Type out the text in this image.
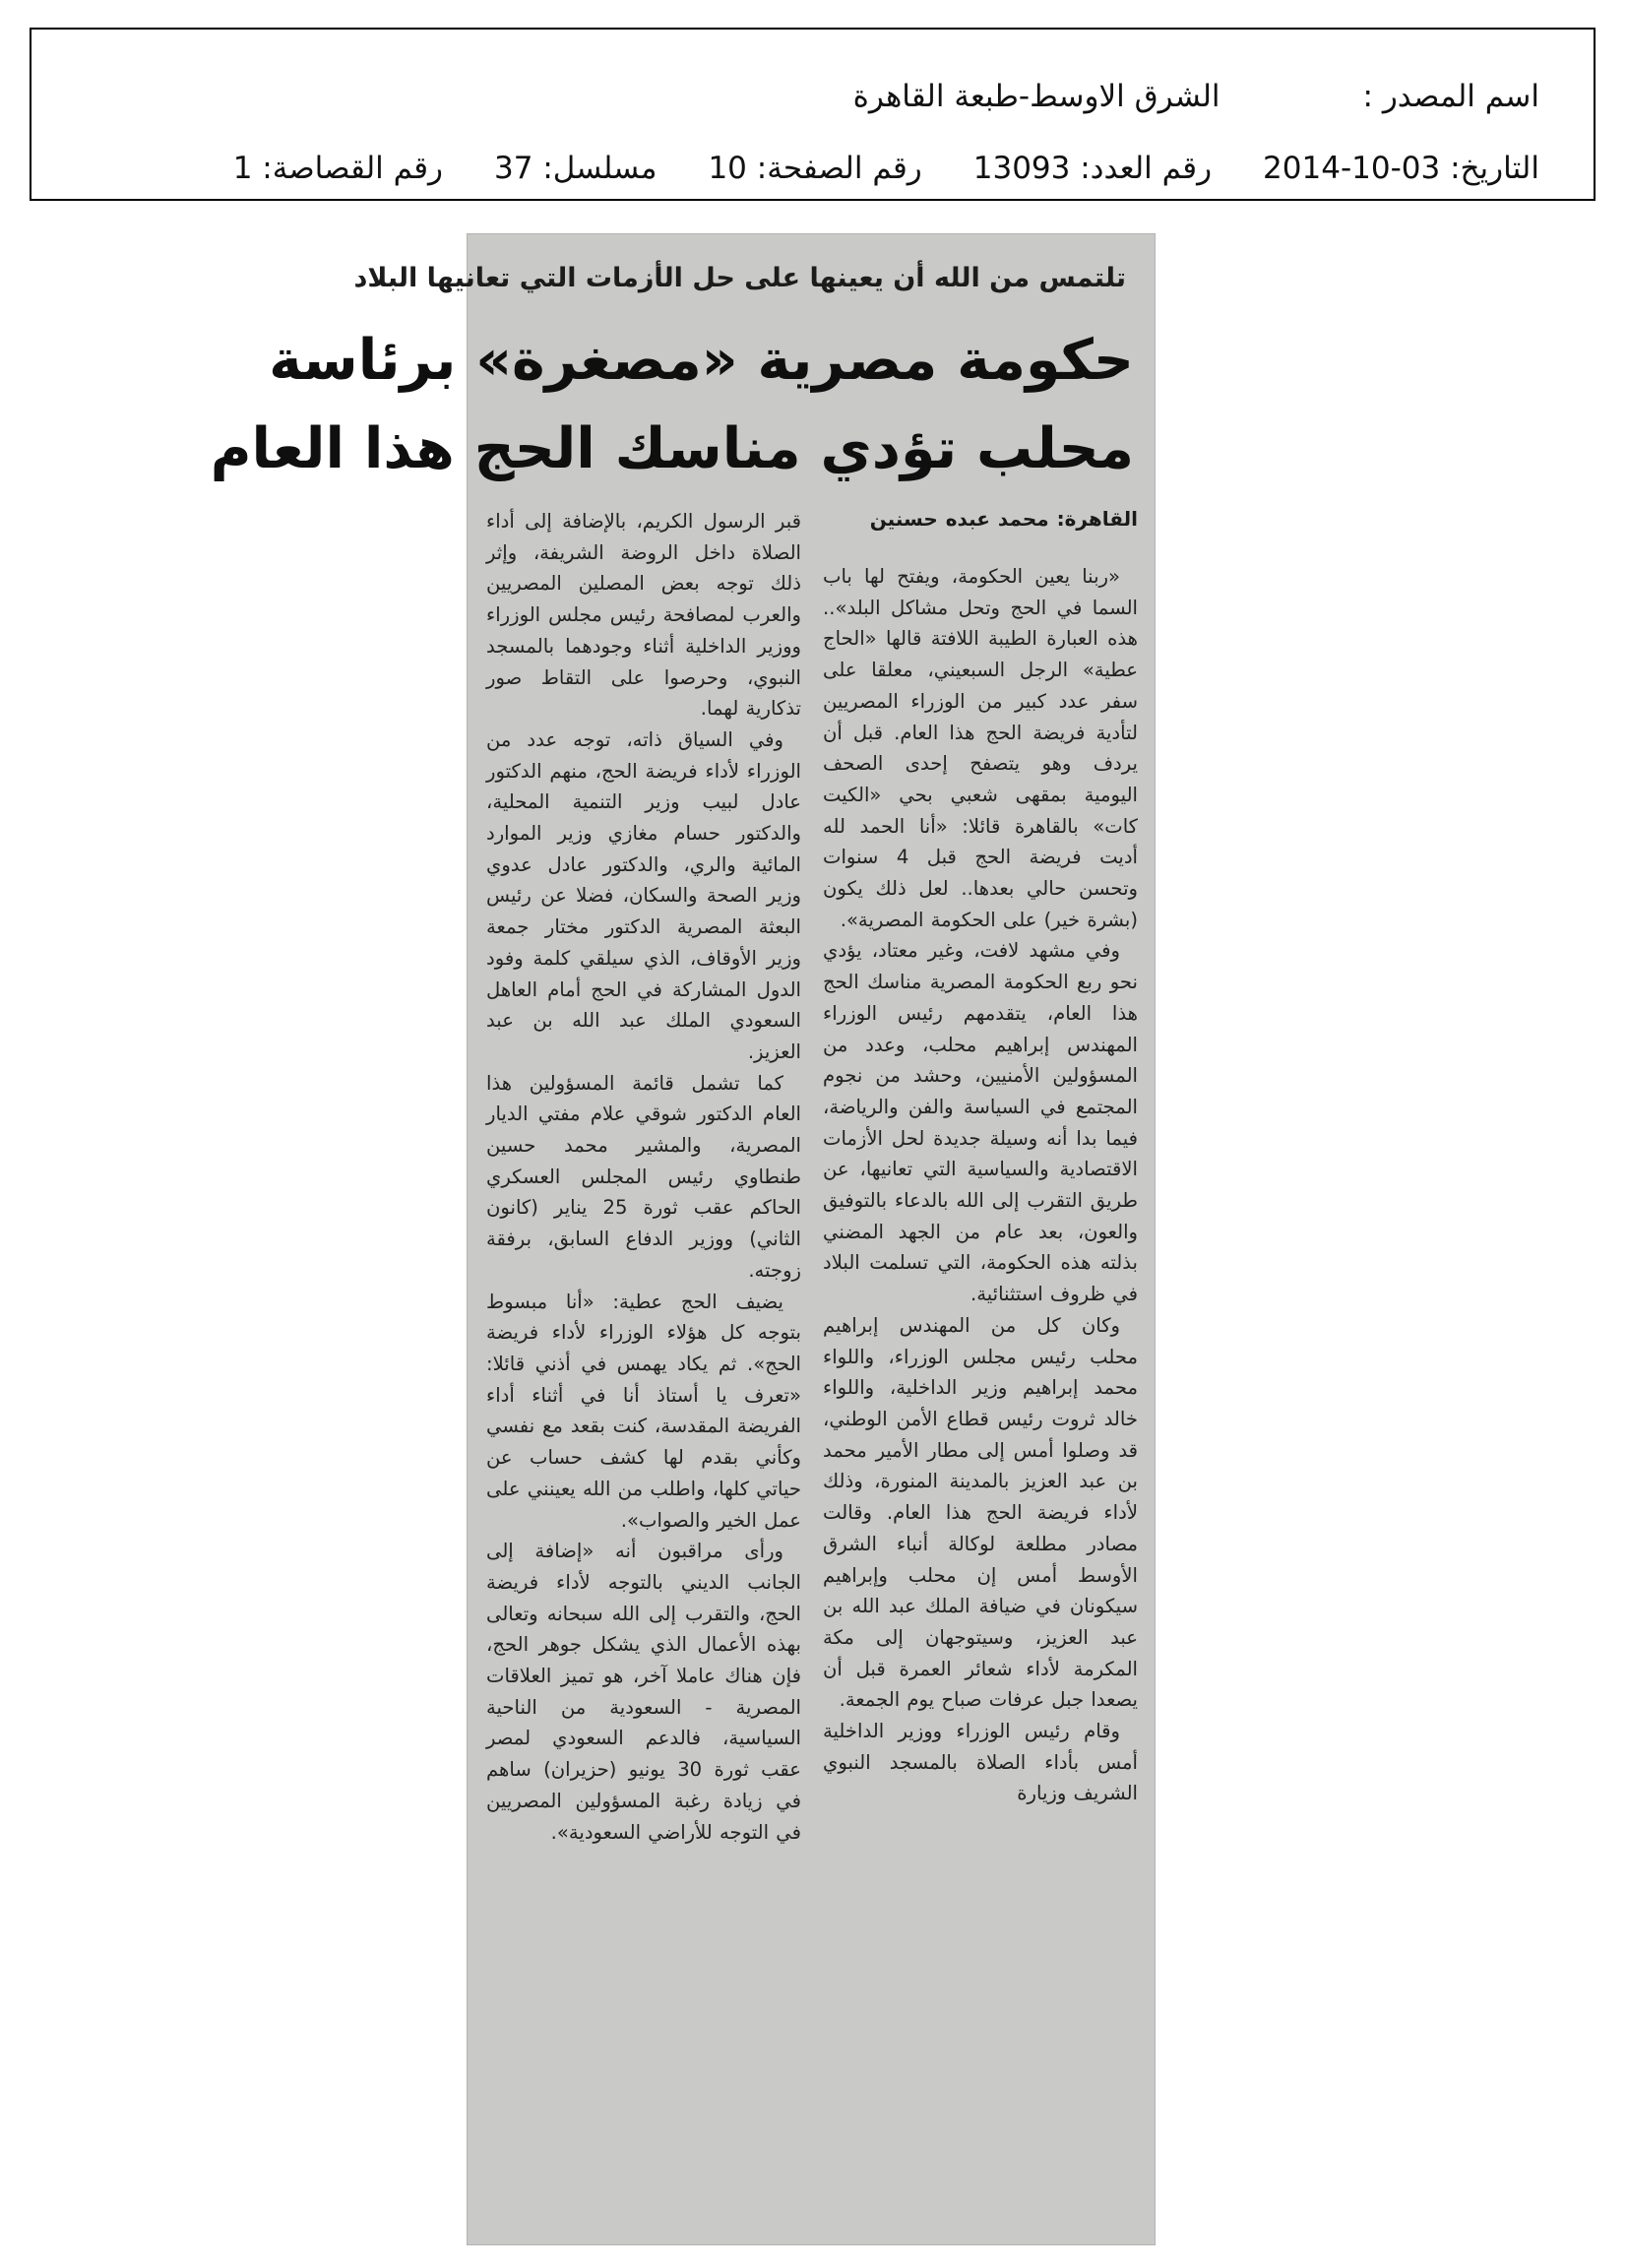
اسم المصدر :
الشرق الاوسط-طبعة القاهرة
التاريخ: 2014-10-03
رقم العدد: 13093
رقم الصفحة: 10
مسلسل: 37
رقم القصاصة: 1
تلتمس من الله أن يعينها على حل الأزمات التي تعانيها البلاد
حكومة مصرية «مصغرة» برئاسة
محلب تؤدي مناسك الحج هذا العام
القاهرة: محمد عبده حسنين

«ربنا يعين الحكومة، ويفتح لها باب السما في الحج وتحل مشاكل البلد».. هذه العبارة الطيبة اللافتة قالها «الحاج عطية» الرجل السبعيني، معلقا على سفر عدد كبير من الوزراء المصريين لتأدية فريضة الحج هذا العام. قبل أن يردف وهو يتصفح إحدى الصحف اليومية بمقهى شعبي بحي «الكيت كات» بالقاهرة قائلا: «أنا الحمد لله أديت فريضة الحج قبل 4 سنوات وتحسن حالي بعدها.. لعل ذلك يكون (بشرة خير) على الحكومة المصرية».

وفي مشهد لافت، وغير معتاد، يؤدي نحو ربع الحكومة المصرية مناسك الحج هذا العام، يتقدمهم رئيس الوزراء المهندس إبراهيم محلب، وعدد من المسؤولين الأمنيين، وحشد من نجوم المجتمع في السياسة والفن والرياضة، فيما بدا أنه وسيلة جديدة لحل الأزمات الاقتصادية والسياسية التي تعانيها، عن طريق التقرب إلى الله بالدعاء بالتوفيق والعون، بعد عام من الجهد المضني بذلته هذه الحكومة، التي تسلمت البلاد في ظروف استثنائية.

وكان كل من المهندس إبراهيم محلب رئيس مجلس الوزراء، واللواء محمد إبراهيم وزير الداخلية، واللواء خالد ثروت رئيس قطاع الأمن الوطني، قد وصلوا أمس إلى مطار الأمير محمد بن عبد العزيز بالمدينة المنورة، وذلك لأداء فريضة الحج هذا العام. وقالت مصادر مطلعة لوكالة أنباء الشرق الأوسط أمس إن محلب وإبراهيم سيكونان في ضيافة الملك عبد الله بن عبد العزيز، وسيتوجهان إلى مكة المكرمة لأداء شعائر العمرة قبل أن يصعدا جبل عرفات صباح يوم الجمعة.

وقام رئيس الوزراء ووزير الداخلية أمس بأداء الصلاة بالمسجد النبوي الشريف وزيارة

قبر الرسول الكريم، بالإضافة إلى أداء الصلاة داخل الروضة الشريفة، وإثر ذلك توجه بعض المصلين المصريين والعرب لمصافحة رئيس مجلس الوزراء ووزير الداخلية أثناء وجودهما بالمسجد النبوي، وحرصوا على التقاط صور تذكارية لهما.

وفي السياق ذاته، توجه عدد من الوزراء لأداء فريضة الحج، منهم الدكتور عادل لبيب وزير التنمية المحلية، والدكتور حسام مغازي وزير الموارد المائية والري، والدكتور عادل عدوي وزير الصحة والسكان، فضلا عن رئيس البعثة المصرية الدكتور مختار جمعة وزير الأوقاف، الذي سيلقي كلمة وفود الدول المشاركة في الحج أمام العاهل السعودي الملك عبد الله بن عبد العزيز.

كما تشمل قائمة المسؤولين هذا العام الدكتور شوقي علام مفتي الديار المصرية، والمشير محمد حسين طنطاوي رئيس المجلس العسكري الحاكم عقب ثورة 25 يناير (كانون الثاني) ووزير الدفاع السابق، برفقة زوجته.

يضيف الحج عطية: «أنا مبسوط بتوجه كل هؤلاء الوزراء لأداء فريضة الحج». ثم يكاد يهمس في أذني قائلا: «تعرف يا أستاذ أنا في أثناء أداء الفريضة المقدسة، كنت بقعد مع نفسي وكأني بقدم لها كشف حساب عن حياتي كلها، واطلب من الله يعينني على عمل الخير والصواب».

ورأى مراقبون أنه «إضافة إلى الجانب الديني بالتوجه لأداء فريضة الحج، والتقرب إلى الله سبحانه وتعالى بهذه الأعمال الذي يشكل جوهر الحج، فإن هناك عاملا آخر، هو تميز العلاقات المصرية - السعودية من الناحية السياسية، فالدعم السعودي لمصر عقب ثورة 30 يونيو (حزيران) ساهم في زيادة رغبة المسؤولين المصريين في التوجه للأراضي السعودية».
